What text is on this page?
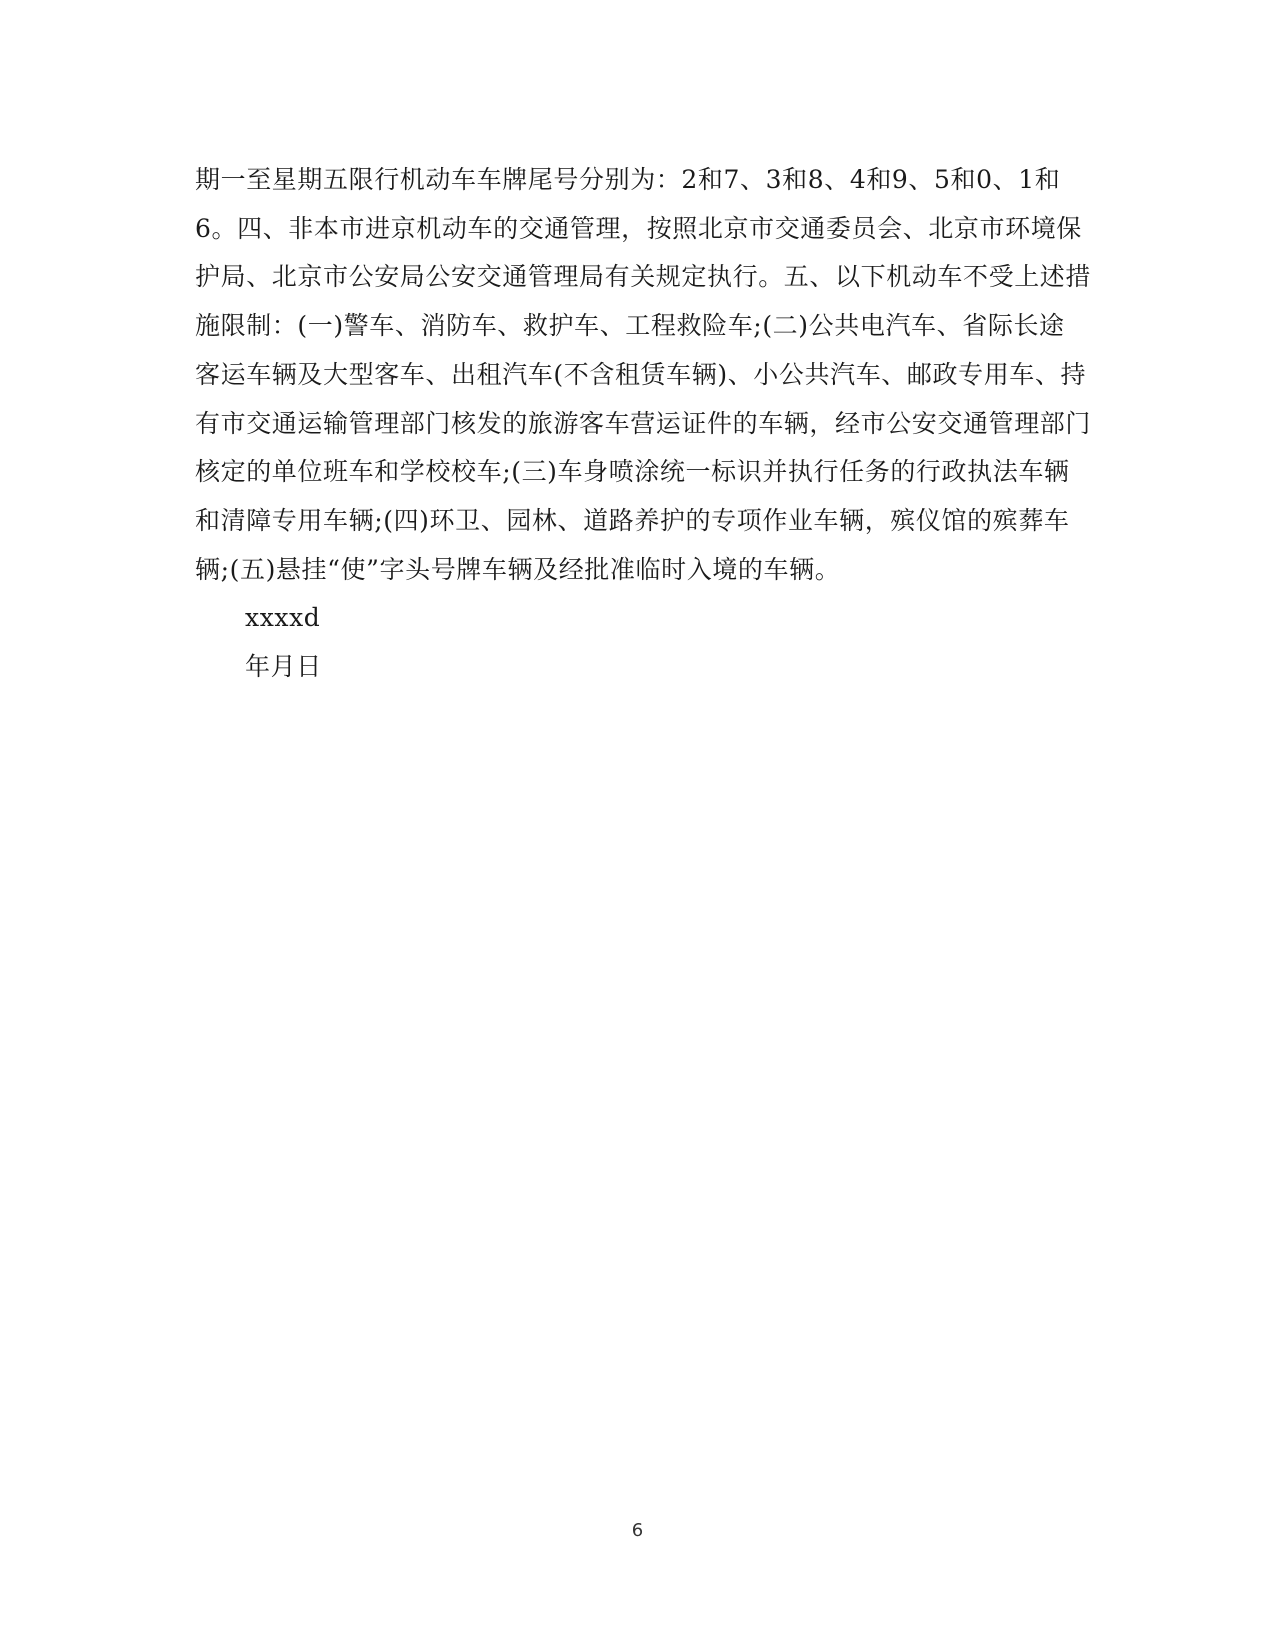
期一至星期五限行机动车车牌尾号分别为：2和7、3和8、4和9、5和0、1和
6。四、非本市进京机动车的交通管理，按照北京市交通委员会、北京市环境保
护局、北京市公安局公安交通管理局有关规定执行。五、以下机动车不受上述措
施限制：(一)警车、消防车、救护车、工程救险车;(二)公共电汽车、省际长途
客运车辆及大型客车、出租汽车(不含租赁车辆)、小公共汽车、邮政专用车、持
有市交通运输管理部门核发的旅游客车营运证件的车辆，经市公安交通管理部门
核定的单位班车和学校校车;(三)车身喷涂统一标识并执行任务的行政执法车辆
和清障专用车辆;(四)环卫、园林、道路养护的专项作业车辆，殡仪馆的殡葬车
辆;(五)悬挂“使”字头号牌车辆及经批准临时入境的车辆。
xxxxd
年月日
6
